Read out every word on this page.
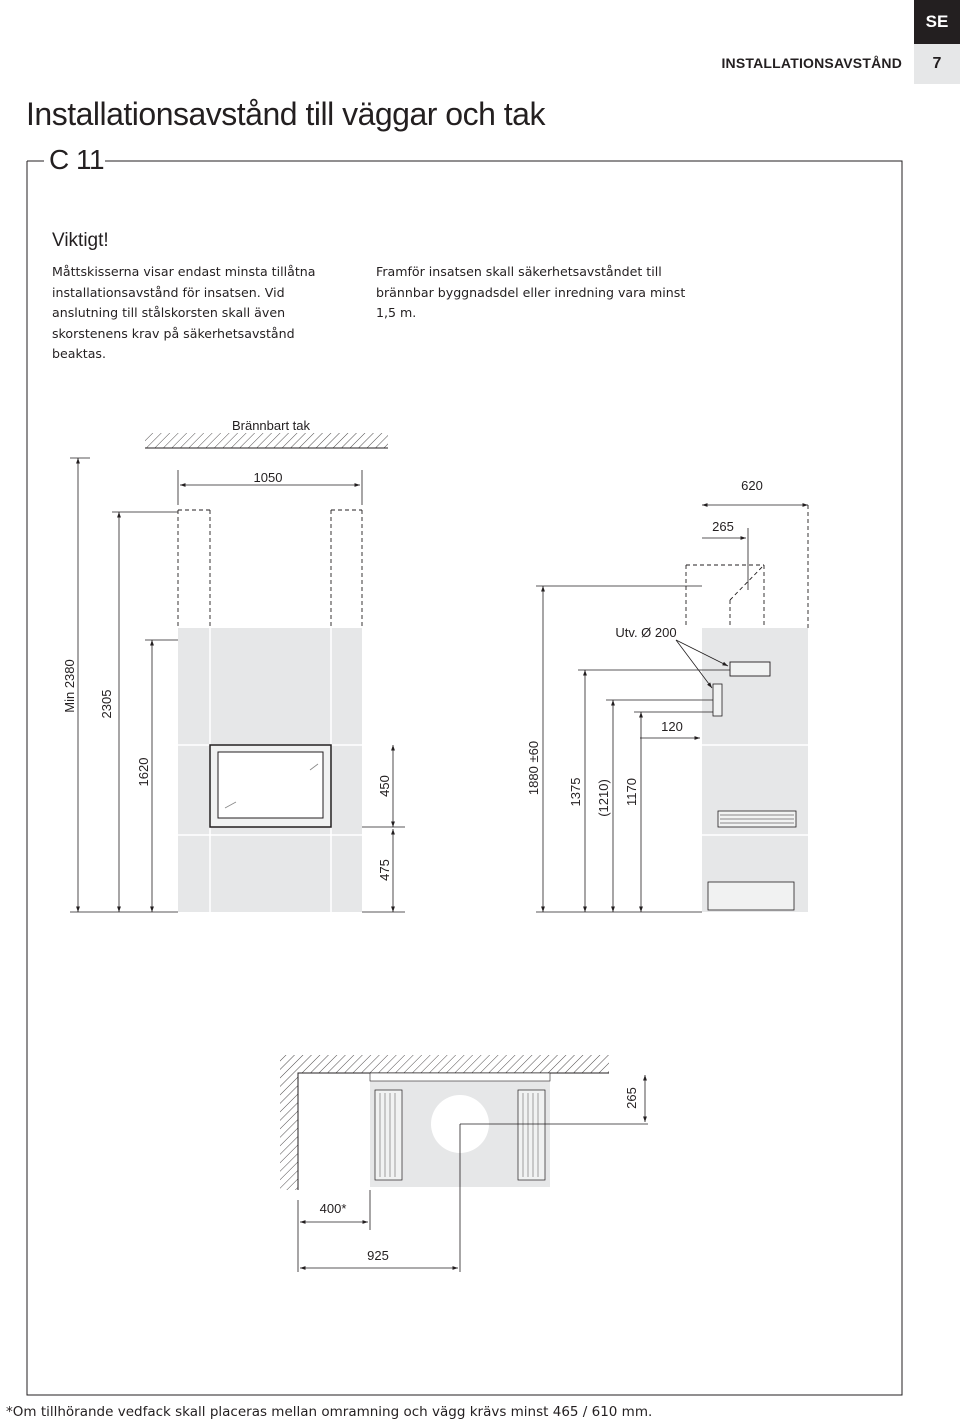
SE
7
INSTALLATIONSAVSTÅND
Installationsavstånd till väggar och tak
C 11
Viktigt!
Måttskisserna visar endast minsta tillåtna installationsavstånd för insatsen. Vid anslutning till stålskorsten skall även skorstenens krav på säkerhetsavstånd beaktas.
Framför insatsen skall säkerhetsavståndet till brännbar byggnadsdel eller inredning vara minst 1,5 m.
Brännbart tak
1050
Min 2380 2305
1620	450
475
620
265
Utv. Ø 200
120
1880 ±60 1375 (1210) 1170
265
400*
925
*Om tillhörande vedfack skall placeras mellan omramning och vägg krävs minst 465 / 610 mm.
